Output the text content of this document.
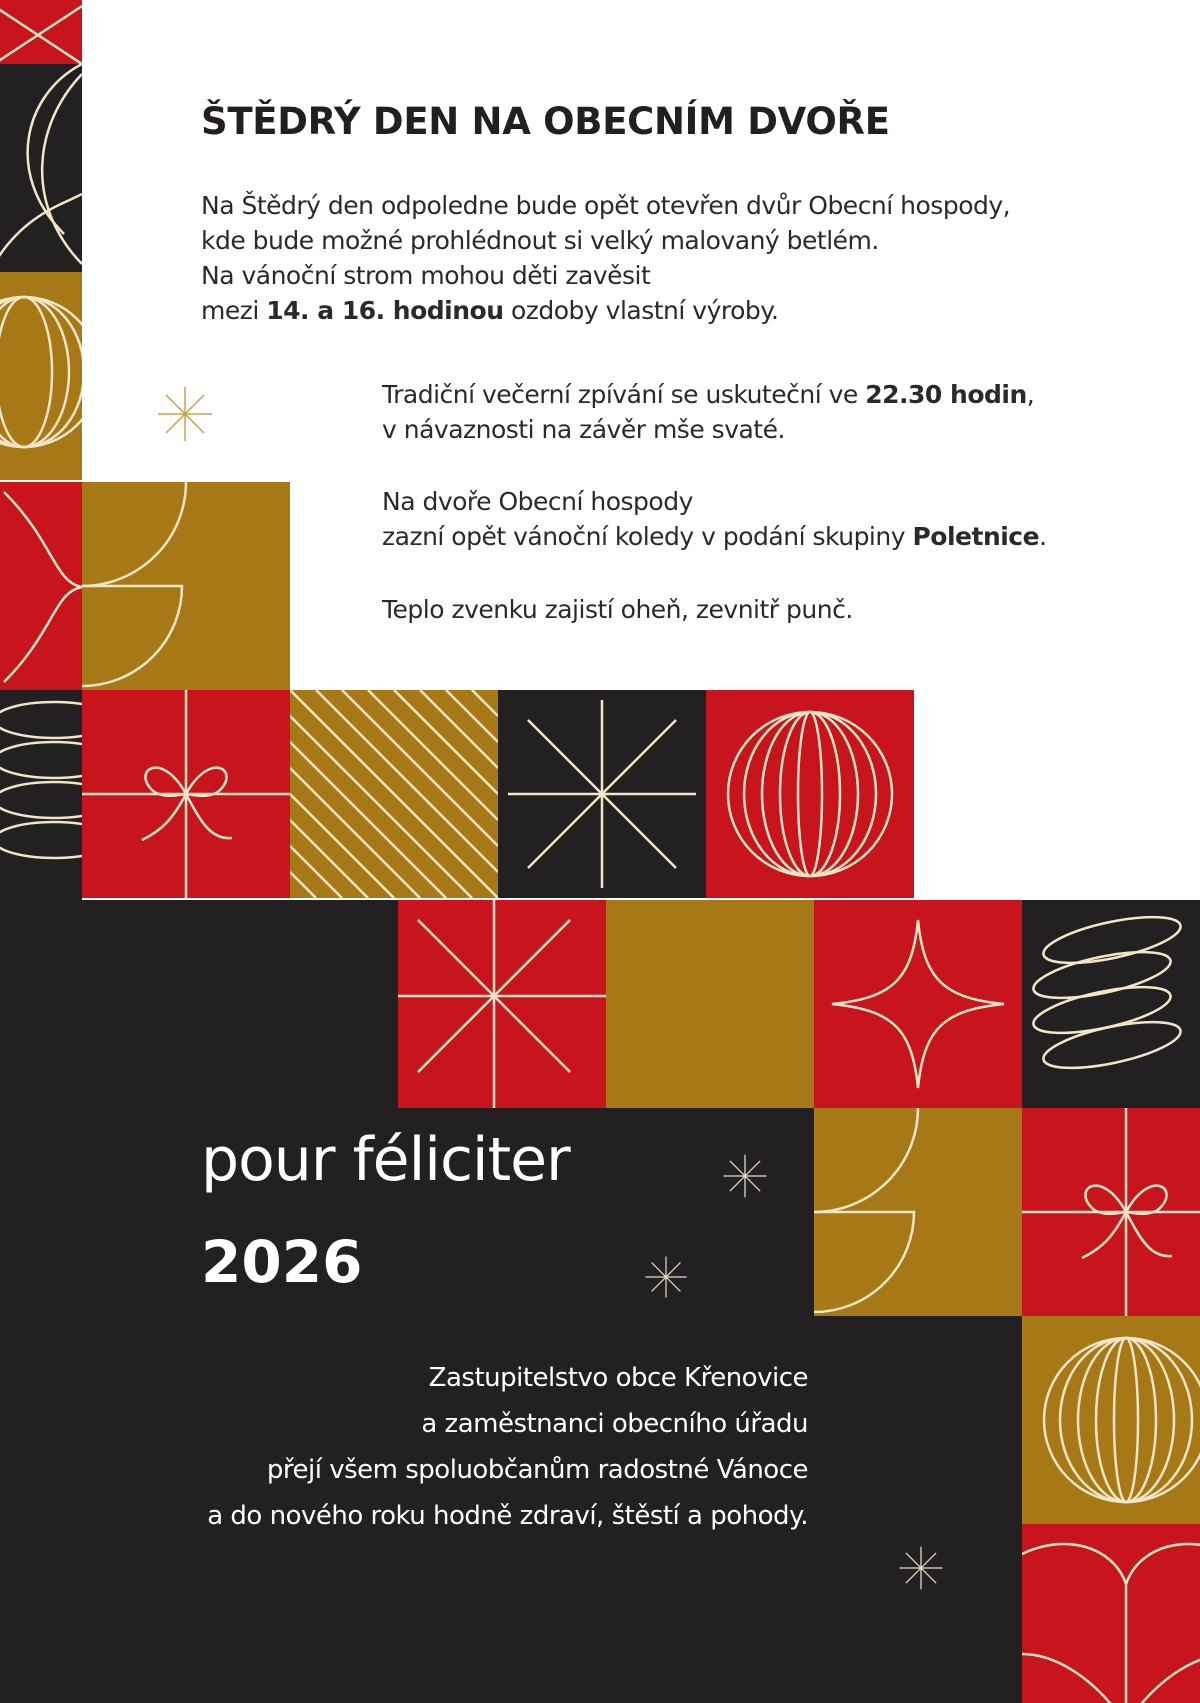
ŠTĚDRÝ DEN NA OBECNÍM DVOŘE

Na Štědrý den odpoledne bude opět otevřen dvůr Obecní hospody,

kde bude možné prohlédnout si velký malovaný betlém.

Na vánoční strom mohou děti zavěsit

mezi 14. a 16. hodinou ozdoby vlastní výroby.

Tradiční večerní zpívání se uskuteční ve 22.30 hodin,

v návaznosti na závěr mše svaté.

Na dvoře Obecní hospody

zazní opět vánoční koledy v podání skupiny Poletnice.

Teplo zvenku zajistí oheň, zevnitř punč.
pour féliciter
2026

Zastupitelstvo obce Křenovice

a zaměstnanci obecního úřadu

přejí všem spoluobčanům radostné Vánoce

a do nového roku hodně zdraví, štěstí a pohody.
